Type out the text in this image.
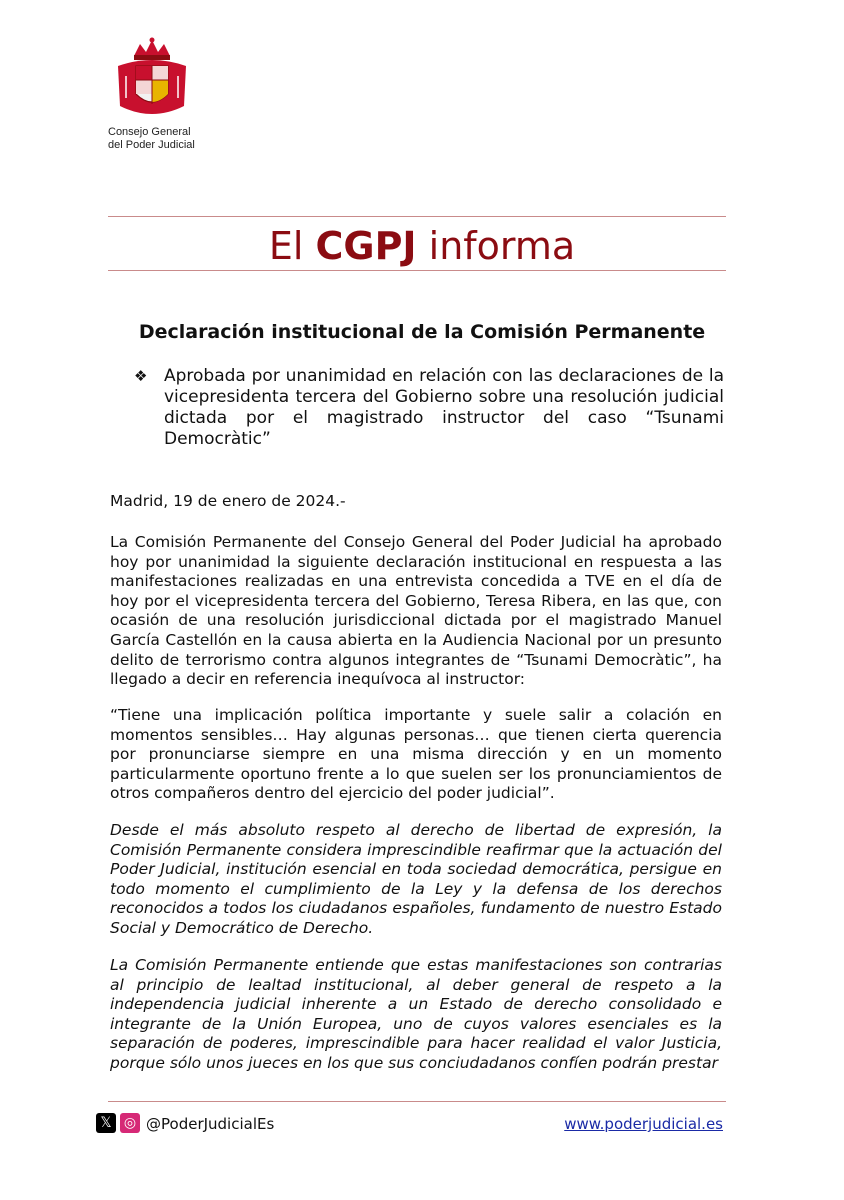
Consejo General
del Poder Judicial
El CGPJ informa
Declaración institucional de la Comisión Permanente
❖ Aprobada por unanimidad en relación con las declaraciones de la vicepresidenta tercera del Gobierno sobre una resolución judicial dictada por el magistrado instructor del caso “Tsunami Democràtic”
Madrid, 19 de enero de 2024.-
La Comisión Permanente del Consejo General del Poder Judicial ha aprobado hoy por unanimidad la siguiente declaración institucional en respuesta a las manifestaciones realizadas en una entrevista concedida a TVE en el día de hoy por el vicepresidenta tercera del Gobierno, Teresa Ribera, en las que, con ocasión de una resolución jurisdiccional dictada por el magistrado Manuel García Castellón en la causa abierta en la Audiencia Nacional por un presunto delito de terrorismo contra algunos integrantes de “Tsunami Democràtic”, ha llegado a decir en referencia inequívoca al instructor:
“Tiene una implicación política importante y suele salir a colación en momentos sensibles… Hay algunas personas… que tienen cierta querencia por pronunciarse siempre en una misma dirección y en un momento particularmente oportuno frente a lo que suelen ser los pronunciamientos de otros compañeros dentro del ejercicio del poder judicial”.
Desde el más absoluto respeto al derecho de libertad de expresión, la Comisión Permanente considera imprescindible reafirmar que la actuación del Poder Judicial, institución esencial en toda sociedad democrática, persigue en todo momento el cumplimiento de la Ley y la defensa de los derechos reconocidos a todos los ciudadanos españoles, fundamento de nuestro Estado Social y Democrático de Derecho.
La Comisión Permanente entiende que estas manifestaciones son contrarias al principio de lealtad institucional, al deber general de respeto a la independencia judicial inherente a un Estado de derecho consolidado e integrante de la Unión Europea, uno de cuyos valores esenciales es la separación de poderes, imprescindible para hacer realidad el valor Justicia, porque sólo unos jueces en los que sus conciudadanos confíen podrán prestar
𝕏 ◎ @PoderJudicialEs	www.poderjudicial.es
